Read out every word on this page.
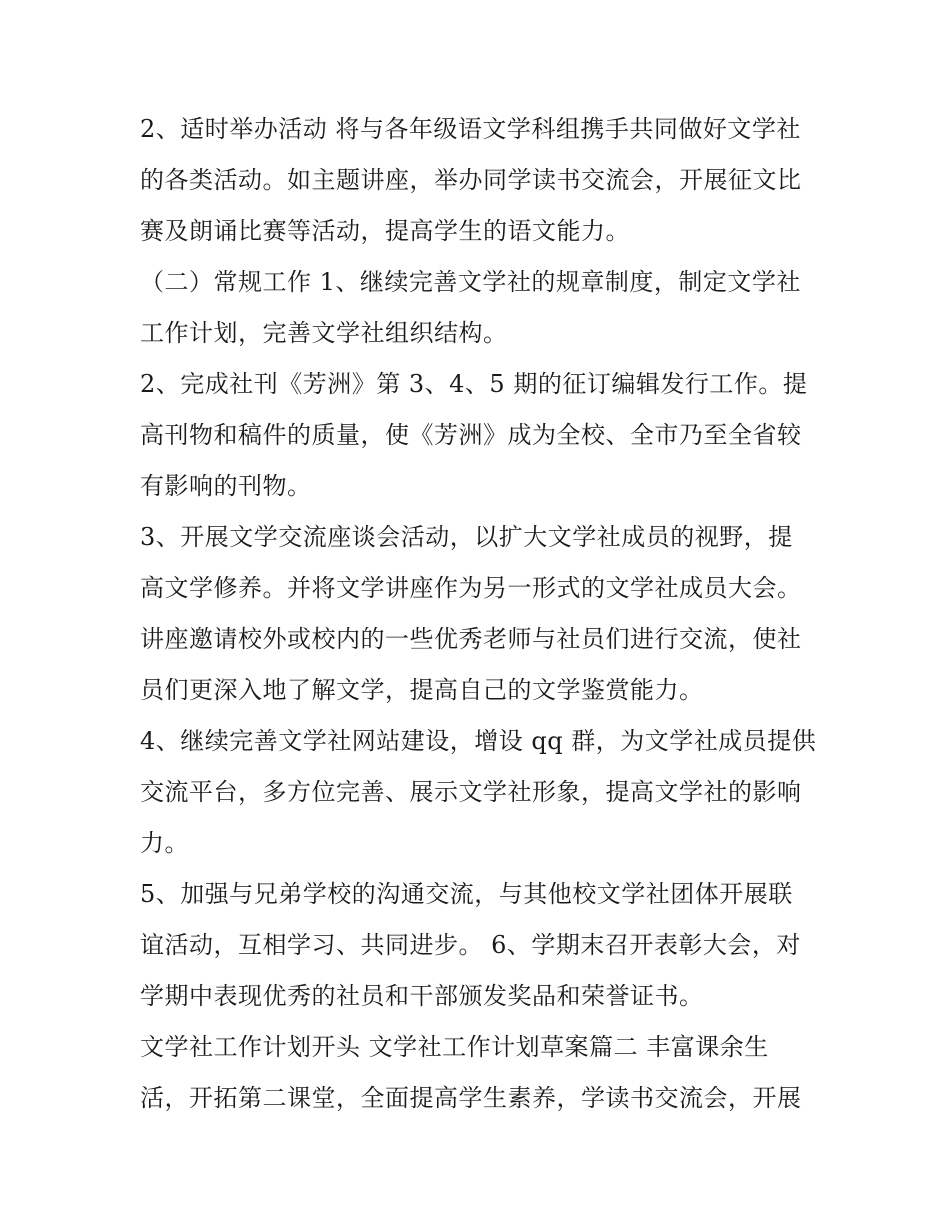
2、适时举办活动 将与各年级语文学科组携手共同做好文学社
的各类活动。如主题讲座，举办同学读书交流会，开展征文比
赛及朗诵比赛等活动，提高学生的语文能力。
（二）常规工作 1、继续完善文学社的规章制度，制定文学社
工作计划，完善文学社组织结构。
2、完成社刊《芳洲》第 3、4、5 期的征订编辑发行工作。提
高刊物和稿件的质量，使《芳洲》成为全校、全市乃至全省较
有影响的刊物。
3、开展文学交流座谈会活动，以扩大文学社成员的视野，提
高文学修养。并将文学讲座作为另一形式的文学社成员大会。
讲座邀请校外或校内的一些优秀老师与社员们进行交流，使社
员们更深入地了解文学，提高自己的文学鉴赏能力。
4、继续完善文学社网站建设，增设 qq 群，为文学社成员提供
交流平台，多方位完善、展示文学社形象，提高文学社的影响
力。
5、加强与兄弟学校的沟通交流，与其他校文学社团体开展联
谊活动，互相学习、共同进步。 6、学期末召开表彰大会，对
学期中表现优秀的社员和干部颁发奖品和荣誉证书。
文学社工作计划开头 文学社工作计划草案篇二 丰富课余生
活，开拓第二课堂，全面提高学生素养，学读书交流会，开展
